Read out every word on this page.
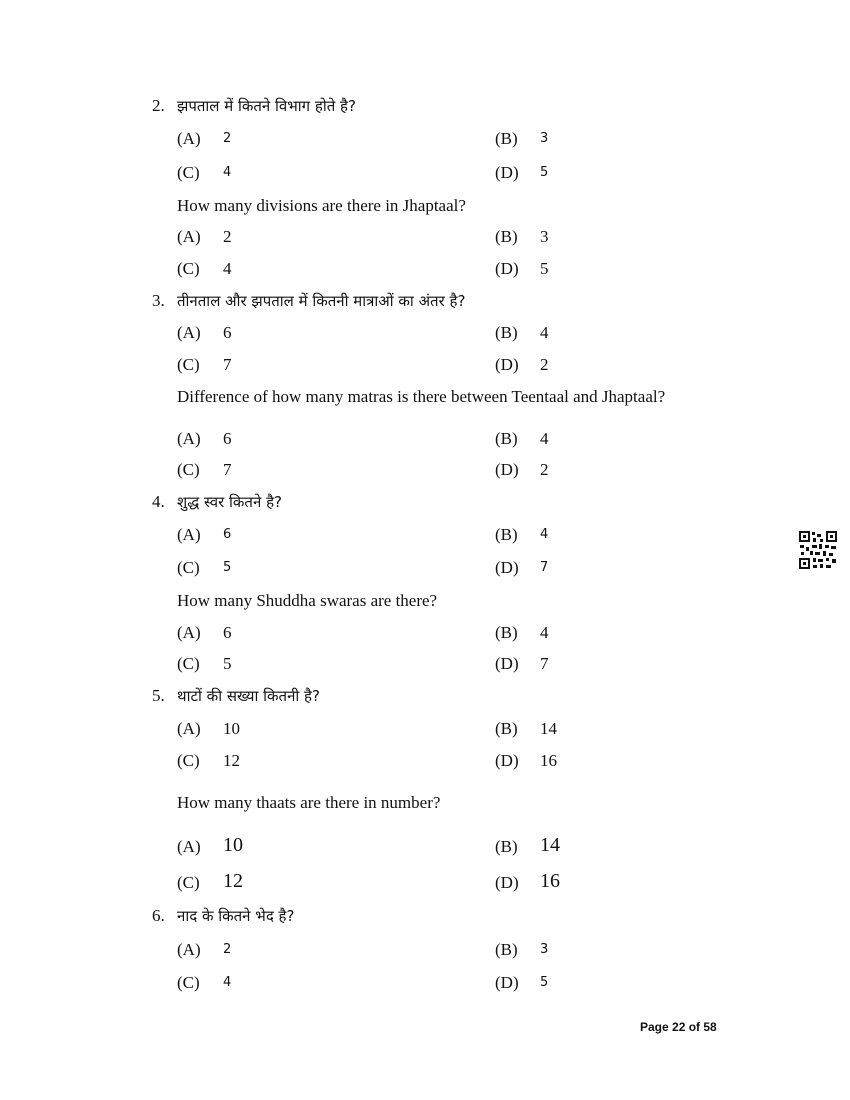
2. झपताल में कितने विभाग होते है?
(A) 2	(B) 3
(C) 4	(D) 5
How many divisions are there in Jhaptaal?
(A) 2	(B) 3
(C) 4	(D) 5
3. तीनताल और झपताल में कितनी मात्राओं का अंतर है?
(A) 6	(B) 4
(C) 7	(D) 2
Difference of how many matras is there between Teentaal and Jhaptaal?
(A) 6	(B) 4
(C) 7	(D) 2
4. शुद्ध स्वर कितने है?
(A) 6	(B) 4
(C) 5	(D) 7
How many Shuddha swaras are there?
(A) 6	(B) 4
(C) 5	(D) 7
5. थाटों की सख्या कितनी है?
(A) 10	(B) 14
(C) 12	(D) 16
How many thaats are there in number?
(A) 10	(B) 14
(C) 12	(D) 16
6. नाद के कितने भेद है?
(A) 2	(B) 3
(C) 4	(D) 5
Page 22 of 58
